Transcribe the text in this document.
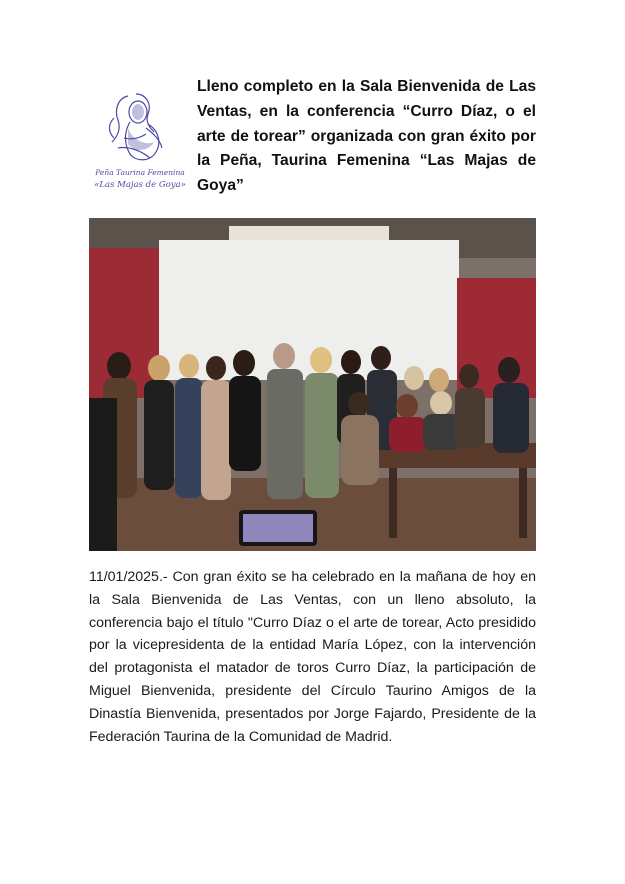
Peña Taurina Femenina
«Las Majas de Goya»

Lleno completo en la Sala Bienvenida de Las Ventas, en la conferencia “Curro Díaz, o el arte de torear” organizada con gran éxito por la Peña, Taurina Femenina “Las Majas de Goya”

11/01/2025.- Con gran éxito se ha celebrado en la mañana de hoy en la Sala Bienvenida de Las Ventas, con un lleno absoluto, la conferencia bajo el título "Curro Díaz o el arte de torear, Acto presidido por la vicepresidenta de la entidad María López, con la intervención del protagonista el matador de toros Curro Díaz, la participación de Miguel Bienvenida, presidente del Círculo Taurino Amigos de la Dinastía Bienvenida, presentados por Jorge Fajardo, Presidente de la Federación Taurina de la Comunidad de Madrid.
